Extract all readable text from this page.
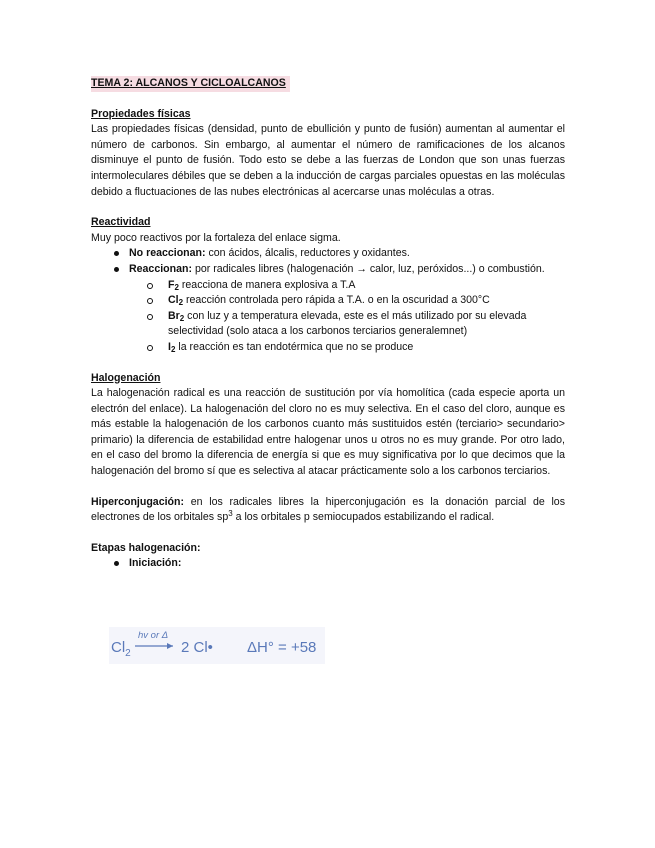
TEMA 2: ALCANOS Y CICLOALCANOS

Propiedades físicas

Las propiedades físicas (densidad, punto de ebullición y punto de fusión) aumentan al aumentar el número de carbonos. Sin embargo, al aumentar el número de ramificaciones de los alcanos disminuye el punto de fusión. Todo esto se debe a las fuerzas de London que son unas fuerzas intermoleculares débiles que se deben a la inducción de cargas parciales opuestas en las moléculas debido a fluctuaciones de las nubes electrónicas al acercarse unas moléculas a otras.

Reactividad

Muy poco reactivos por la fortaleza del enlace sigma.

No reaccionan: con ácidos, álcalis, reductores y oxidantes.
Reaccionan: por radicales libres (halogenación → calor, luz, peróxidos...) o combustión.
$F_2$ reacciona de manera explosiva a T.A
$Cl_2$ reacción controlada pero rápida a T.A. o en la oscuridad a 300°C
$Br_2$ con luz y a temperatura elevada, este es el más utilizado por su elevada selectividad (solo ataca a los carbonos terciarios generalemnet)
$I_2$ la reacción es tan endotérmica que no se produce

Halogenación

La halogenación radical es una reacción de sustitución por vía homolítica (cada especie aporta un electrón del enlace). La halogenación del cloro no es muy selectiva. En el caso del cloro, aunque es más estable la halogenación de los carbonos cuanto más sustituidos estén (terciario> secundario> primario) la diferencia de estabilidad entre halogenar unos u otros no es muy grande. Por otro lado, en el caso del bromo la diferencia de energía si que es muy significativa por lo que decimos que la halogenación del bromo sí que es selectiva al atacar prácticamente solo a los carbonos terciarios.

Hiperconjugación: en los radicales libres la hiperconjugación es la donación parcial de los electrones de los orbitales $sp^3$ a los orbitales p semiocupados estabilizando el radical.

Etapas halogenación:

Iniciación:
$Cl_2$
hv or Δ
2 Cl• ΔH° = +58
